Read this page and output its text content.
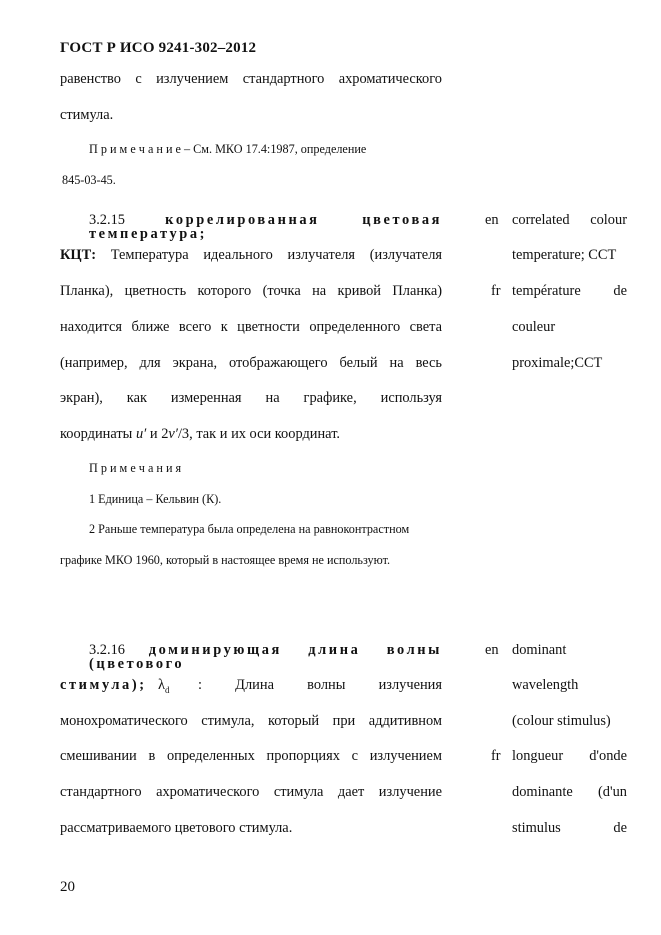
ГОСТ Р ИСО 9241-302–2012
равенство с излучением стандартного ахроматического
стимула.
П р и м е ч а н и е – См. МКО 17.4:1987, определение
845-03-45.
3.2.15	коррелированная цветовая температура;
КЦТ: Температура идеального излучателя (излучателя
Планка), цветность которого (точка на кривой Планка)
находится ближе всего к цветности определенного света
(например, для экрана, отображающего белый на весь
экран), как измеренная на графике, используя
координаты u′ и 2v′/3, так и их оси координат.
en correlated colour
temperature; CCT
fr température de
couleur
proximale;CCT
П р и м е ч а н и я
1 Единица – Кельвин (К).
2 Раньше температура была определена на равноконтрастном
графике МКО 1960, который в настоящее время не используют.
3.2.16 доминирующая длина волны (цветового
стимула); $\lambda_d$ : Длина волны излучения
монохроматического стимула, который при аддитивном
смешивании в определенных пропорциях с излучением
стандартного ахроматического стимула дает излучение
рассматриваемого цветового стимула.
en dominant
wavelength
(colour stimulus)
fr longueur d'onde
dominante (d'un
stimulus de
20
